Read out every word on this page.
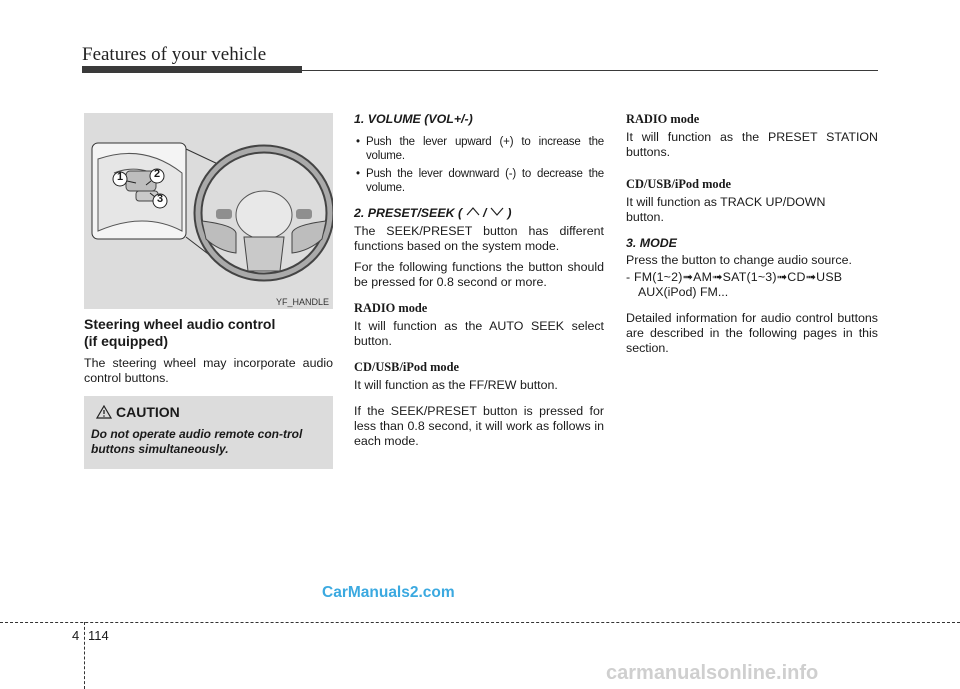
Features of your vehicle
1	2
3
YF_HANDLE
Steering wheel audio control
(if equipped)
The steering wheel may incorporate audio control buttons.
CAUTION
Do not operate audio remote con-trol buttons simultaneously.
1. VOLUME (VOL+/-)
• Push the lever upward (+) to increase the volume.
• Push the lever downward (-) to decrease the volume.
2. PRESET/SEEK ( / )
The SEEK/PRESET button has different functions based on the system mode.
For the following functions the button should be pressed for 0.8 second or more.
RADIO mode
It will function as the AUTO SEEK select button.
CD/USB/iPod mode
It will function as the FF/REW button.
If the SEEK/PRESET button is pressed for less than 0.8 second, it will work as follows in each mode.
RADIO mode
It will function as the PRESET STATION buttons.
CD/USB/iPod mode
It will function as TRACK UP/DOWN button.
3. MODE
Press the button to change audio source.
- FM(1~2)➟AM➟SAT(1~3)➟CD➟USB
AUX(iPod) FM...
Detailed information for audio control buttons are described in the following pages in this section.
CarManuals2.com
4 114
carmanualsonline.info
